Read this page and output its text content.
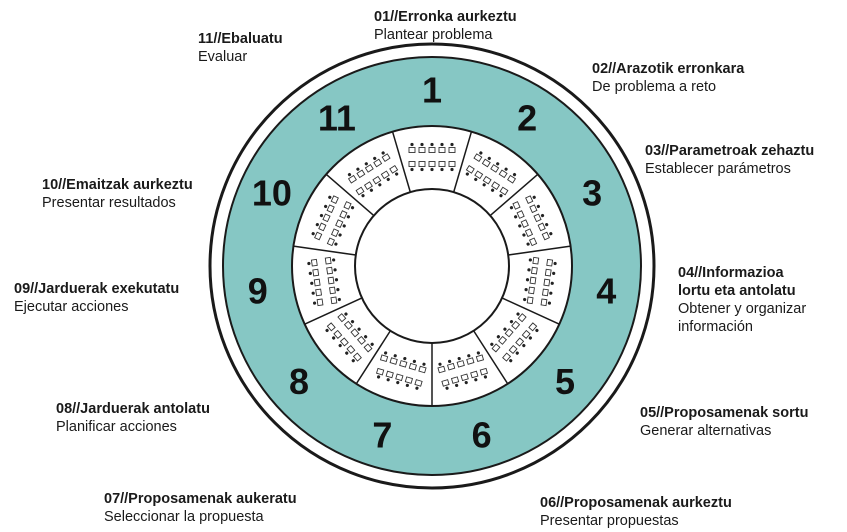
1
2
3
4
5
6
7
8
9
10
11
01//Erronka aurkeztu
Plantear problema
02//Arazotik erronkara
De problema a reto
03//Parametroak zehaztu
Establecer parámetros
04//Informazioa
lortu eta antolatu
Obtener y organizar
información
05//Proposamenak sortu
Generar alternativas
06//Proposamenak aurkeztu
Presentar propuestas
07//Proposamenak aukeratu
Seleccionar la propuesta
08//Jarduerak antolatu
Planificar acciones
09//Jarduerak exekutatu
Ejecutar acciones
10//Emaitzak aurkeztu
Presentar resultados
11//Ebaluatu
Evaluar
